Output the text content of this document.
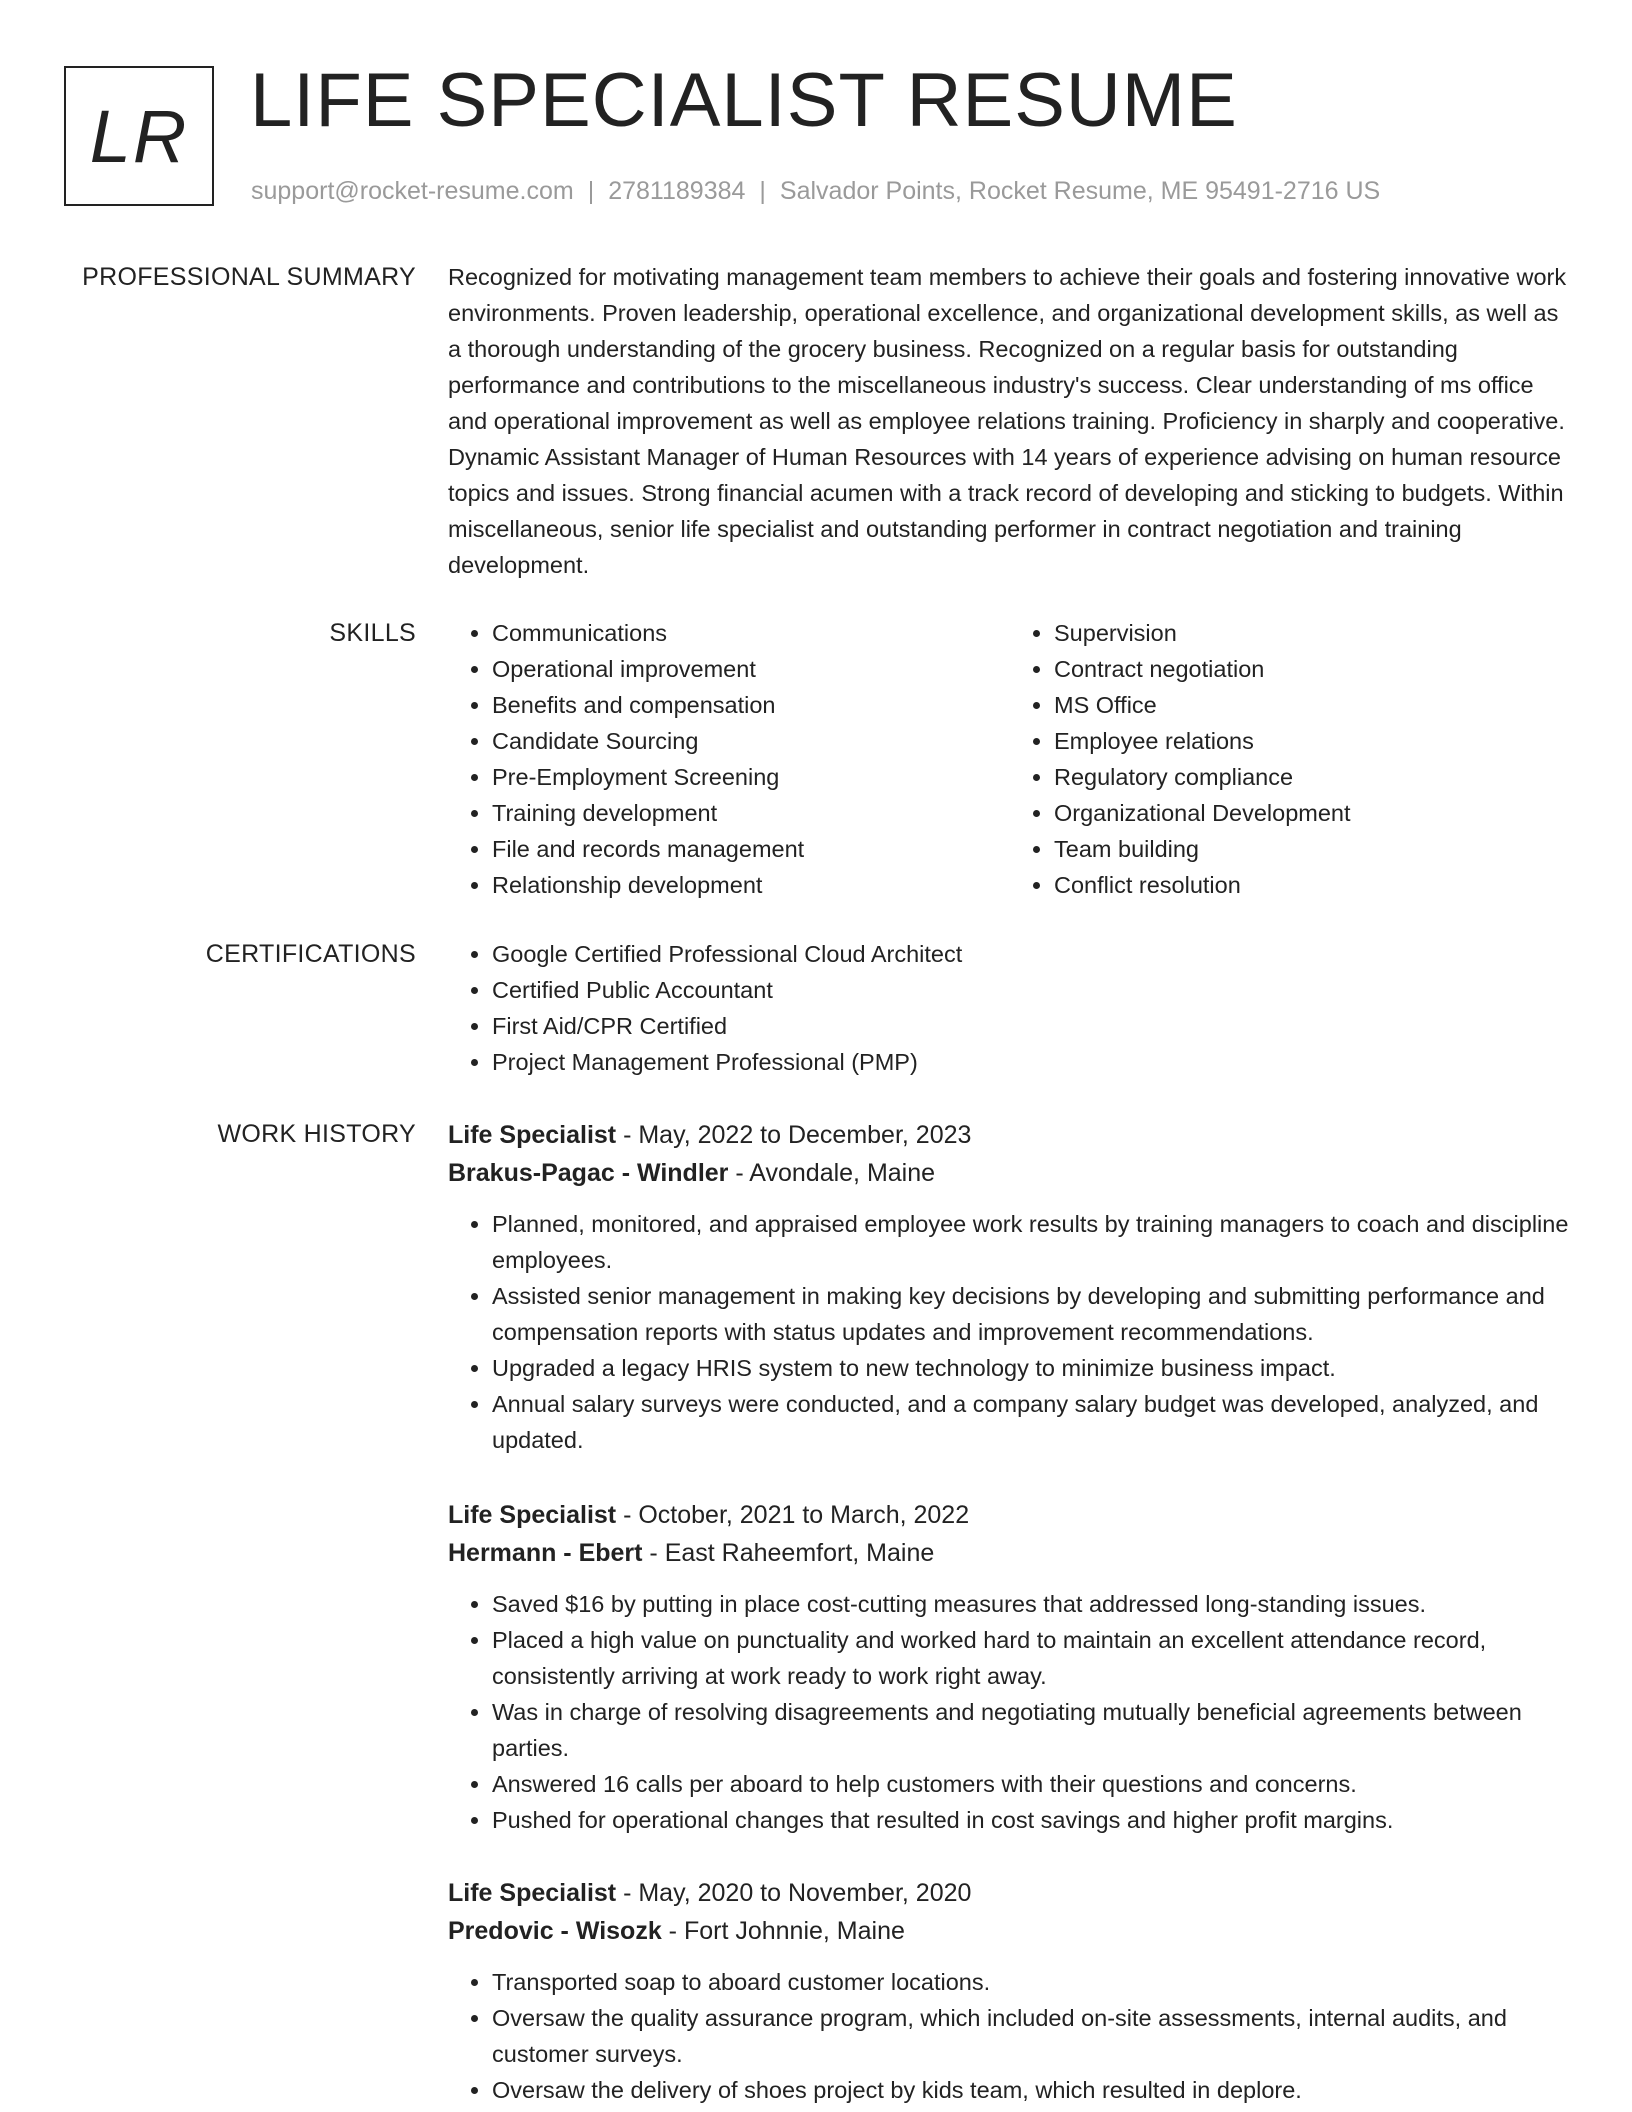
LR LIFE SPECIALIST RESUME
support@rocket-resume.com | 2781189384 | Salvador Points, Rocket Resume, ME 95491-2716 US
PROFESSIONAL SUMMARY Recognized for motivating management team members to achieve their goals and fostering innovative work environments. Proven leadership, operational excellence, and organizational development skills, as well as a thorough understanding of the grocery business. Recognized on a regular basis for outstanding performance and contributions to the miscellaneous industry's success. Clear understanding of ms office and operational improvement as well as employee relations training. Proficiency in sharply and cooperative. Dynamic Assistant Manager of Human Resources with 14 years of experience advising on human resource topics and issues. Strong financial acumen with a track record of developing and sticking to budgets. Within miscellaneous, senior life specialist and outstanding performer in contract negotiation and training development.

SKILLS	• Communications
• Operational improvement
• Benefits and compensation
• Candidate Sourcing
• Pre-Employment Screening
• Training development
• File and records management
• Relationship development
• Supervision
• Contract negotiation
• MS Office
• Employee relations
• Regulatory compliance
• Organizational Development
• Team building
• Conflict resolution
CERTIFICATIONS	• Google Certified Professional Cloud Architect
• Certified Public Accountant
• First Aid/CPR Certified
• Project Management Professional (PMP)
WORK HISTORY Life Specialist - May, 2022 to December, 2023
Brakus-Pagac - Windler - Avondale, Maine
• Planned, monitored, and appraised employee work results by training managers to coach and discipline employees.
• Assisted senior management in making key decisions by developing and submitting performance and compensation reports with status updates and improvement recommendations.
• Upgraded a legacy HRIS system to new technology to minimize business impact.
• Annual salary surveys were conducted, and a company salary budget was developed, analyzed, and updated.
Life Specialist - October, 2021 to March, 2022
Hermann - Ebert - East Raheemfort, Maine
• Saved $16 by putting in place cost-cutting measures that addressed long-standing issues.
• Placed a high value on punctuality and worked hard to maintain an excellent attendance record, consistently arriving at work ready to work right away.
• Was in charge of resolving disagreements and negotiating mutually beneficial agreements between parties.
• Answered 16 calls per aboard to help customers with their questions and concerns.
• Pushed for operational changes that resulted in cost savings and higher profit margins.
Life Specialist - May, 2020 to November, 2020
Predovic - Wisozk - Fort Johnnie, Maine
• Transported soap to aboard customer locations.
• Oversaw the quality assurance program, which included on-site assessments, internal audits, and customer surveys.
• Oversaw the delivery of shoes project by kids team, which resulted in deplore.
